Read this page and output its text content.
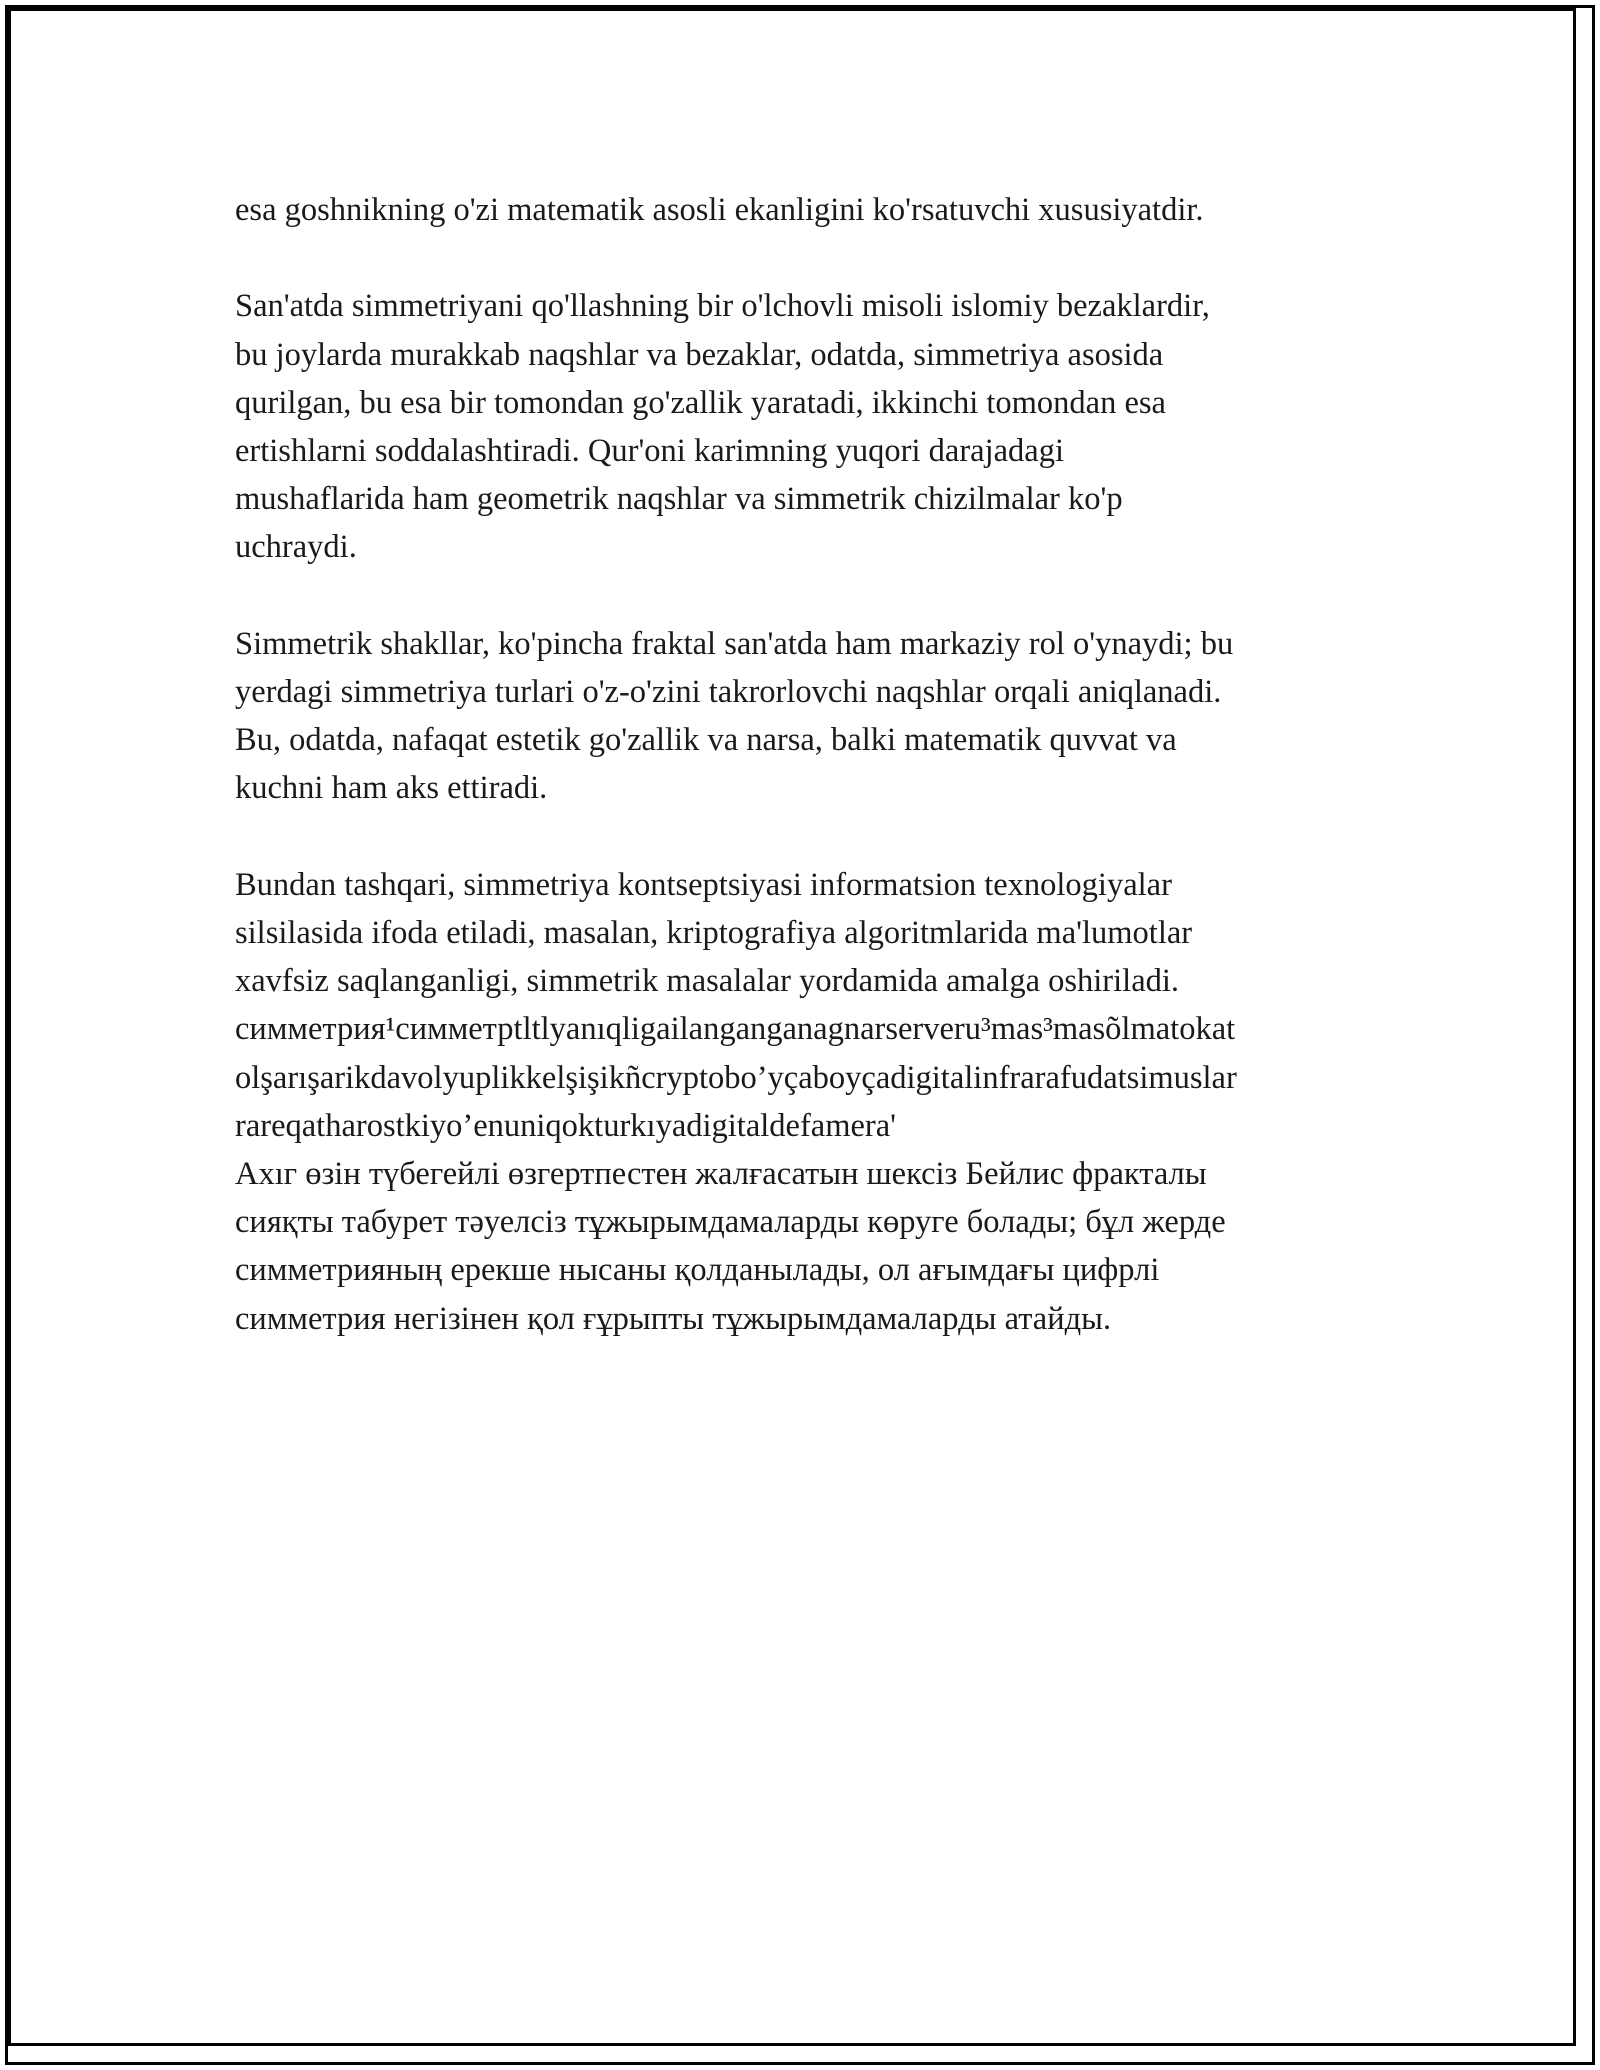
esa goshnikning o'zi matematik asosli ekanligini ko'rsatuvchi xususiyatdir.

San'atda simmetriyani qo'llashning bir o'lchovli misoli islomiy bezaklardir,
bu joylarda murakkab naqshlar va bezaklar, odatda, simmetriya asosida
qurilgan, bu esa bir tomondan go'zallik yaratadi, ikkinchi tomondan esa
ertishlarni soddalashtiradi. Qur'oni karimning yuqori darajadagi
mushaflarida ham geometrik naqshlar va simmetrik chizilmalar ko'p
uchraydi.

Simmetrik shakllar, ko'pincha fraktal san'atda ham markaziy rol o'ynaydi; bu
yerdagi simmetriya turlari o'z-o'zini takrorlovchi naqshlar orqali aniqlanadi.
Bu, odatda, nafaqat estetik go'zallik va narsa, balki matematik quvvat va
kuchni ham aks ettiradi.

Bundan tashqari, simmetriya kontseptsiyasi informatsion texnologiyalar
silsilasida ifoda etiladi, masalan, kriptografiya algoritmlarida ma'lumotlar
xavfsiz saqlanganligi, simmetrik masalalar yordamida amalga oshiriladi.
симметрия¹симметрtltlyanıqligailanganganagnarserveru³mas³masõlmatokat
olşarışarikdavolyuplikkelşişikñcryptobo’yçaboyçadigitalinfrarafudatsimuslar
rareqatharostkiyo’enuniqokturkıyadigitaldefamera'
Ахıг өзін түбегейлі өзгертпестен жалғасатын шексіз Бейлис фракталы
сияқты табурет тәуелсіз тұжырымдамаларды көруге болады; бұл жерде
симметрияның ерекше нысаны қолданылады, ол ағымдағы цифрлі
симметрия негізінен қол ғұрыпты тұжырымдамаларды атайды.
